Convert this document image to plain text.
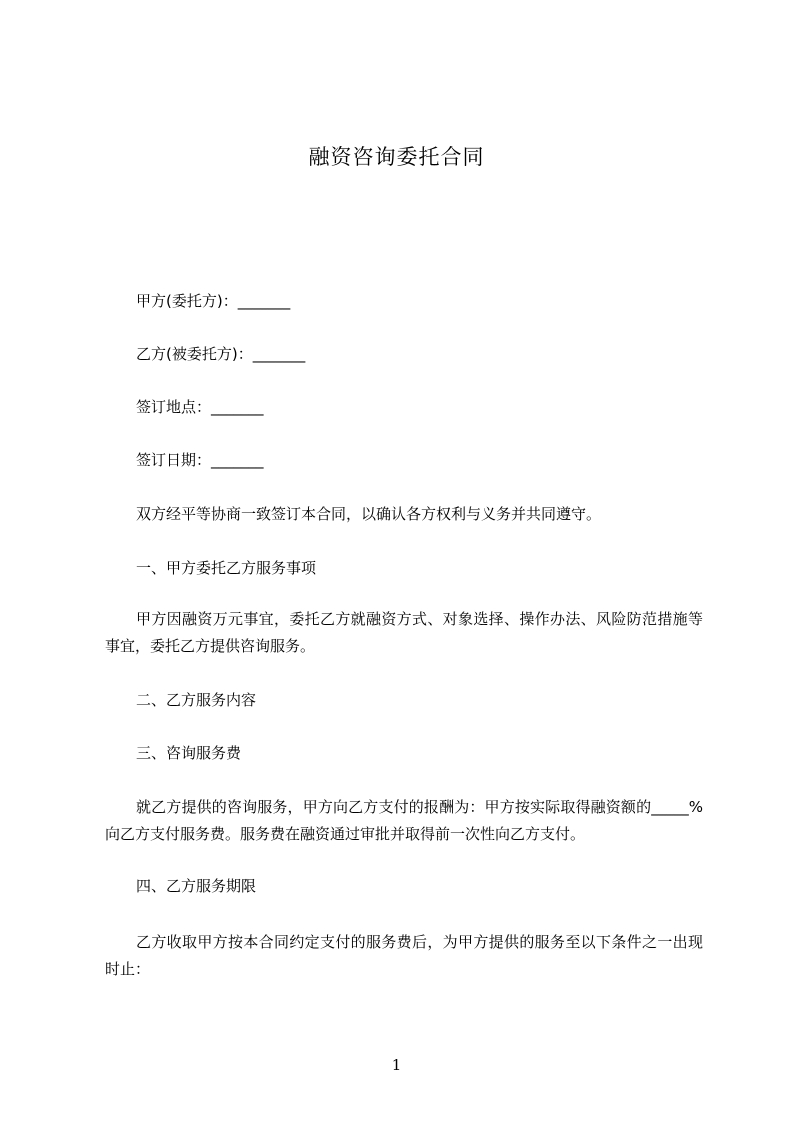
融资咨询委托合同
甲方(委托方)：_______
乙方(被委托方)：_______
签订地点：_______
签订日期：_______
双方经平等协商一致签订本合同，以确认各方权利与义务并共同遵守。
一、甲方委托乙方服务事项
甲方因融资万元事宜，委托乙方就融资方式、对象选择、操作办法、风险防范措施等事宜，委托乙方提供咨询服务。
二、乙方服务内容
三、咨询服务费
就乙方提供的咨询服务，甲方向乙方支付的报酬为：甲方按实际取得融资额的_____% 向乙方支付服务费。服务费在融资通过审批并取得前一次性向乙方支付。
四、乙方服务期限
乙方收取甲方按本合同约定支付的服务费后，为甲方提供的服务至以下条件之一出现时止：
1
